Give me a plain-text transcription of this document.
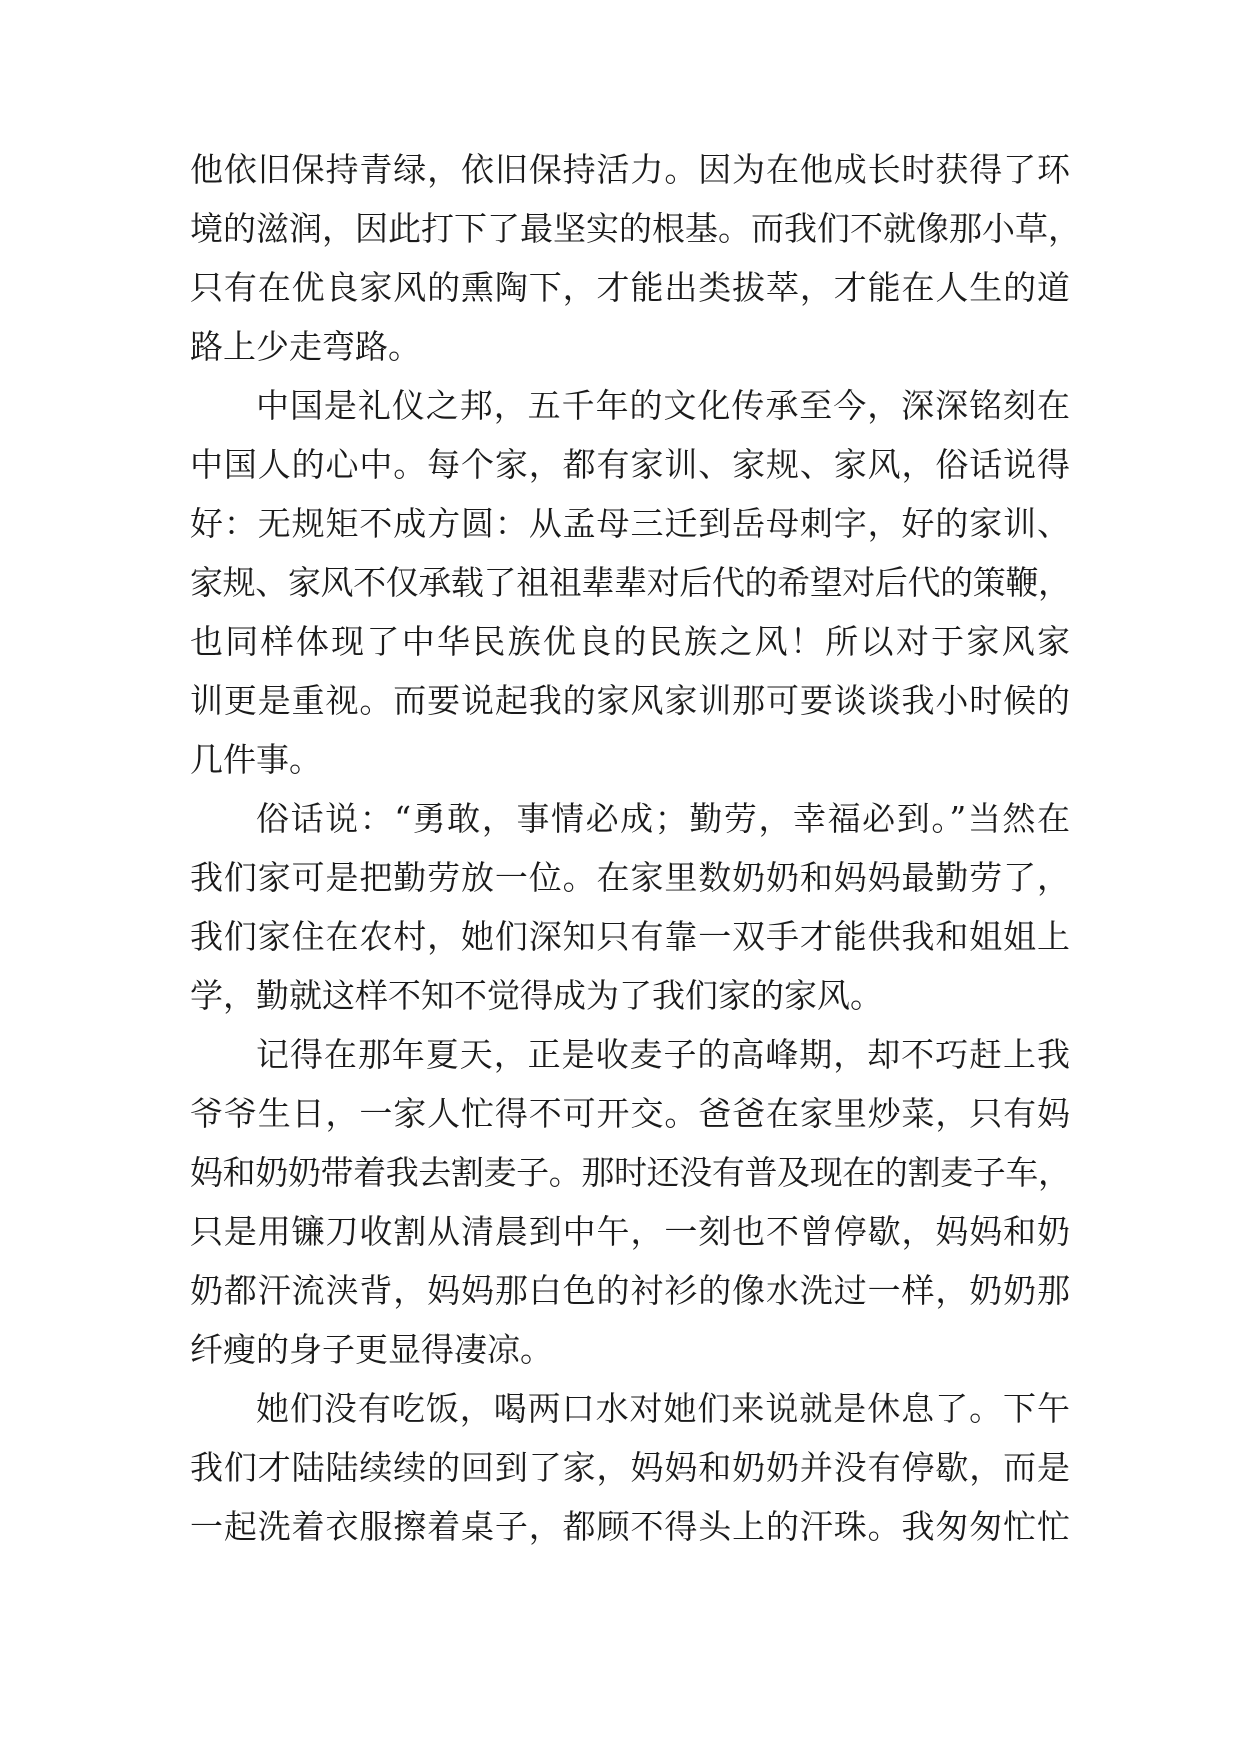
他依旧保持青绿，依旧保持活力。因为在他成长时获得了环

境的滋润，因此打下了最坚实的根基。而我们不就像那小草，

只有在优良家风的熏陶下，才能出类拔萃，才能在人生的道

路上少走弯路。

中国是礼仪之邦，五千年的文化传承至今，深深铭刻在

中国人的心中。每个家，都有家训、家规、家风，俗话说得

好：无规矩不成方圆：从孟母三迁到岳母刺字，好的家训、

家规、家风不仅承载了祖祖辈辈对后代的希望对后代的策鞭，

也同样体现了中华民族优良的民族之风！所以对于家风家

训更是重视。而要说起我的家风家训那可要谈谈我小时候的

几件事。

俗话说：“勇敢，事情必成；勤劳，幸福必到。”当然在

我们家可是把勤劳放一位。在家里数奶奶和妈妈最勤劳了，

我们家住在农村，她们深知只有靠一双手才能供我和姐姐上

学，勤就这样不知不觉得成为了我们家的家风。

记得在那年夏天，正是收麦子的高峰期，却不巧赶上我

爷爷生日，一家人忙得不可开交。爸爸在家里炒菜，只有妈

妈和奶奶带着我去割麦子。那时还没有普及现在的割麦子车，

只是用镰刀收割从清晨到中午，一刻也不曾停歇，妈妈和奶

奶都汗流浃背，妈妈那白色的衬衫的像水洗过一样，奶奶那

纤瘦的身子更显得凄凉。

她们没有吃饭，喝两口水对她们来说就是休息了。下午

我们才陆陆续续的回到了家，妈妈和奶奶并没有停歇，而是

一起洗着衣服擦着桌子，都顾不得头上的汗珠。我匆匆忙忙
